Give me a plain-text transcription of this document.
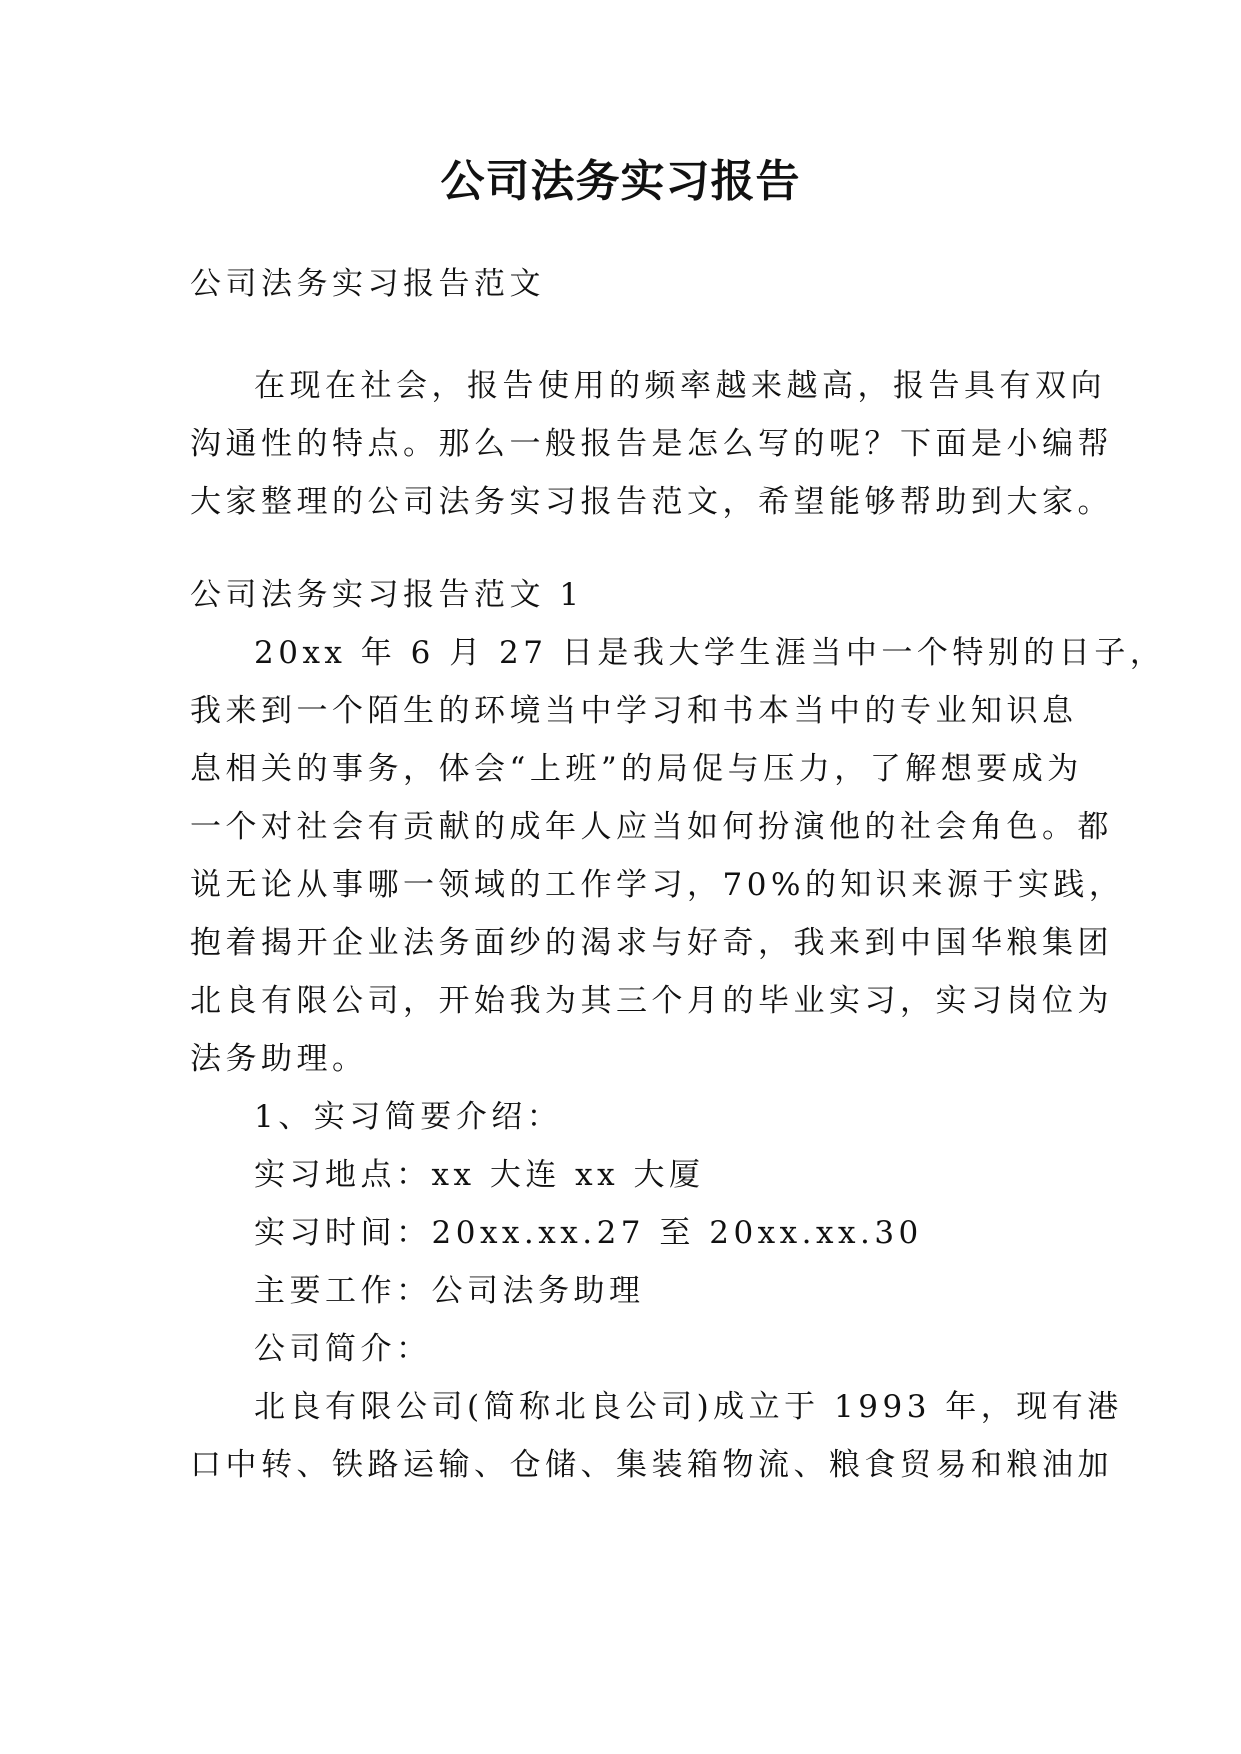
公司法务实习报告
公司法务实习报告范文
在现在社会，报告使用的频率越来越高，报告具有双向
沟通性的特点。那么一般报告是怎么写的呢？下面是小编帮
大家整理的公司法务实习报告范文，希望能够帮助到大家。
公司法务实习报告范文 1
20xx 年 6 月 27 日是我大学生涯当中一个特别的日子，
我来到一个陌生的环境当中学习和书本当中的专业知识息
息相关的事务，体会“上班”的局促与压力，了解想要成为
一个对社会有贡献的成年人应当如何扮演他的社会角色。都
说无论从事哪一领域的工作学习，70%的知识来源于实践，
抱着揭开企业法务面纱的渴求与好奇，我来到中国华粮集团
北良有限公司，开始我为其三个月的毕业实习，实习岗位为
法务助理。
1、实习简要介绍：
实习地点：xx 大连 xx 大厦
实习时间：20xx.xx.27 至 20xx.xx.30
主要工作：公司法务助理
公司简介：
北良有限公司(简称北良公司)成立于 1993 年，现有港
口中转、铁路运输、仓储、集装箱物流、粮食贸易和粮油加
